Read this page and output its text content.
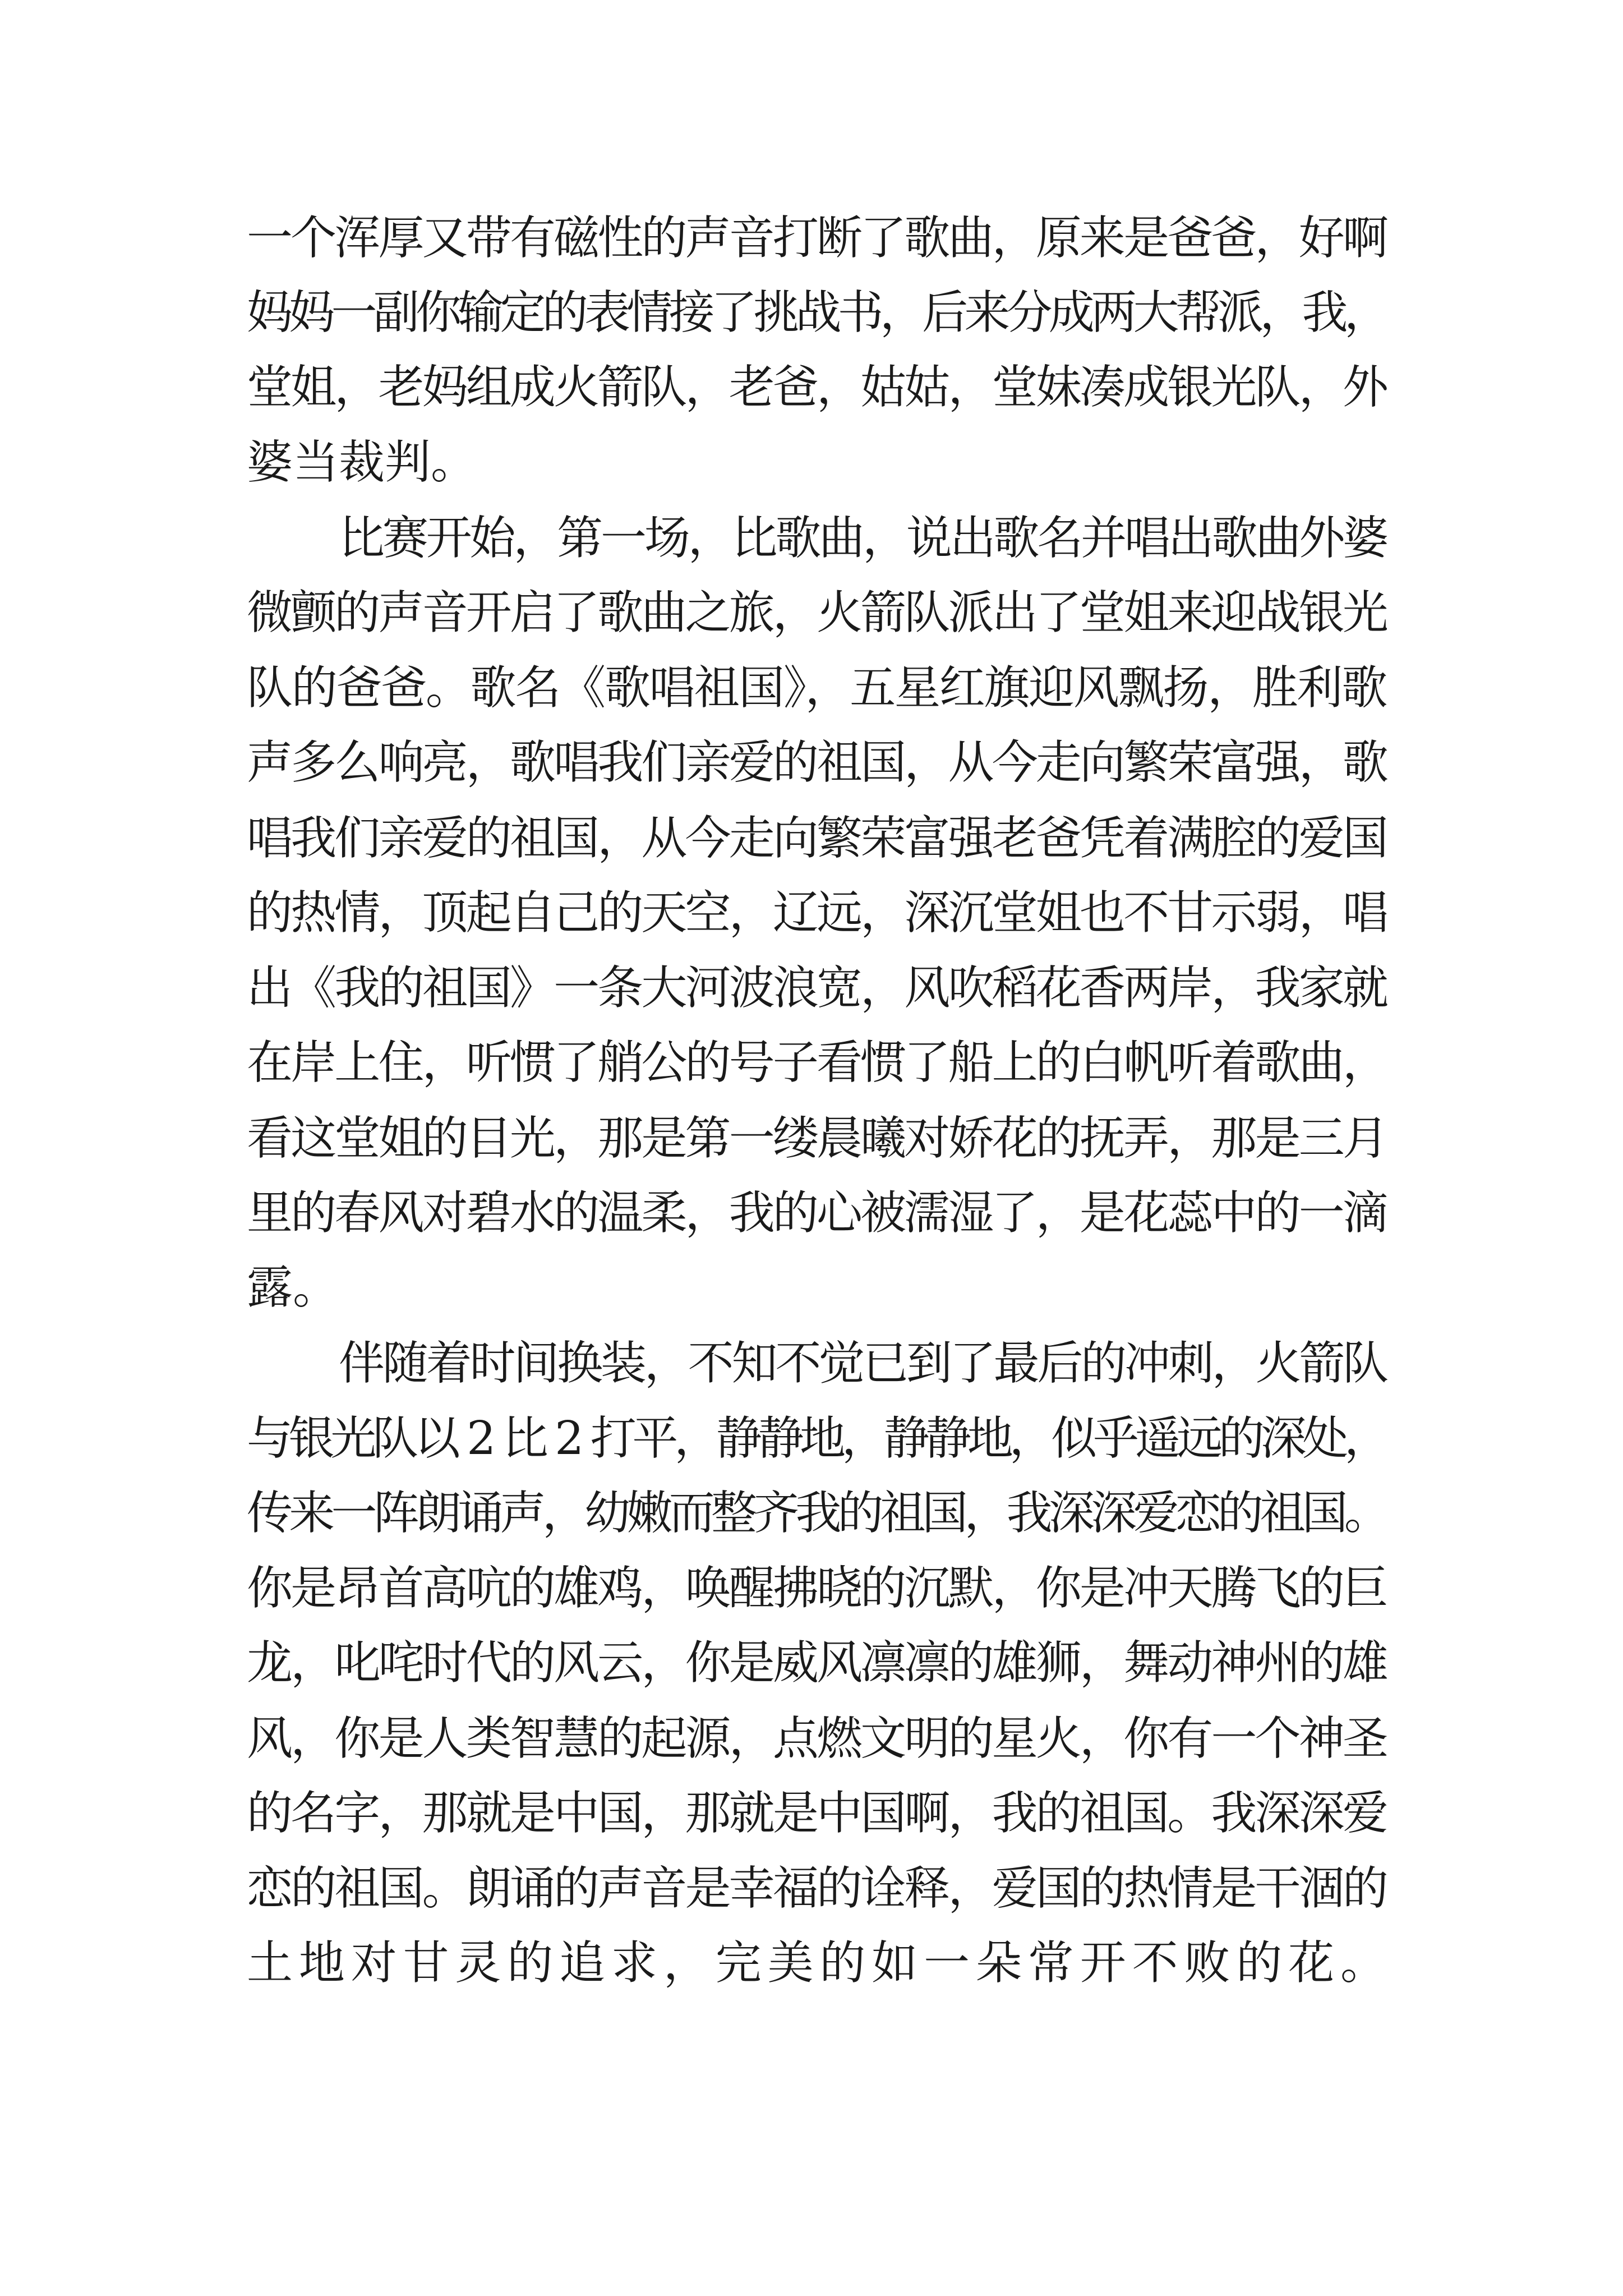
一个浑厚又带有磁性的声音打断了歌曲，原来是爸爸，好啊
妈妈一副你输定的表情接了挑战书，后来分成两大帮派，我，
堂姐，老妈组成火箭队，老爸，姑姑，堂妹凑成银光队，外
婆当裁判。
比赛开始，第一场，比歌曲，说出歌名并唱出歌曲外婆
微颤的声音开启了歌曲之旅，火箭队派出了堂姐来迎战银光
队的爸爸。歌名《歌唱祖国》，五星红旗迎风飘扬，胜利歌
声多么响亮，歌唱我们亲爱的祖国，从今走向繁荣富强，歌
唱我们亲爱的祖国，从今走向繁荣富强老爸凭着满腔的爱国
的热情，顶起自己的天空，辽远，深沉堂姐也不甘示弱，唱
出《我的祖国》一条大河波浪宽，风吹稻花香两岸，我家就
在岸上住，听惯了艄公的号子看惯了船上的白帆听着歌曲，
看这堂姐的目光，那是第一缕晨曦对娇花的抚弄，那是三月
里的春风对碧水的温柔，我的心被濡湿了，是花蕊中的一滴
露。
伴随着时间换装，不知不觉已到了最后的冲刺，火箭队
与银光队以 2 比 2 打平，静静地，静静地，似乎遥远的深处，
传来一阵朗诵声，幼嫩而整齐我的祖国，我深深爱恋的祖国。
你是昂首高吭的雄鸡，唤醒拂晓的沉默，你是冲天腾飞的巨
龙，叱咤时代的风云，你是威风凛凛的雄狮，舞动神州的雄
风，你是人类智慧的起源，点燃文明的星火，你有一个神圣
的名字，那就是中国，那就是中国啊，我的祖国。我深深爱
恋的祖国。朗诵的声音是幸福的诠释，爱国的热情是干涸的
土地对甘灵的追求，完美的如一朵常开不败的花。
